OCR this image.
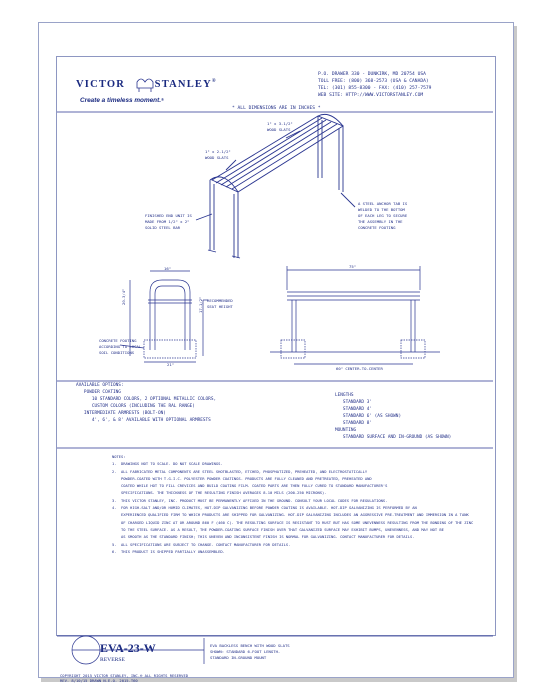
VICTOR	STANLEY®
Create a timeless moment.®
P.O. DRAWER 330 - DUNKIRK, MD 20754 USA
TOLL FREE: (800) 368-2573 (USA & CANADA)
TEL: (301) 855-8300 - FAX: (410) 257-7579
WEB SITE: HTTP://WWW.VICTORSTANLEY.COM
* ALL DIMENSIONS ARE IN INCHES *
1" x 3-1/2"
WOOD SLATS
1" x 2-1/2"
WOOD SLATS
FINISHED END UNIT IS
MADE FROM 1/2" x 2"
SOLID STEEL BAR
A STEEL ANCHOR TAB IS
WELDED TO THE BOTTOM
OF EACH LEG TO SECURE
THE ASSEMBLY IN THE
CONCRETE FOOTING
16"
20-3/4"	17-1/2" RECOMMENDED
SEAT HEIGHT
21"
75"
60" CENTER-TO-CENTER
CONCRETE FOOTING
ACCORDING TO LOCAL
SOIL CONDITIONS
AVAILABLE OPTIONS:
POWDER COATING
10 STANDARD COLORS, 2 OPTIONAL METALLIC COLORS,
CUSTOM COLORS (INCLUDING THE RAL RANGE)
INTERMEDIATE ARMRESTS (BOLT-ON)
4', 6', & 8' AVAILABLE WITH OPTIONAL ARMRESTS
LENGTHS
STANDARD 3'
STANDARD 4'
STANDARD 6' (AS SHOWN)
STANDARD 8'
MOUNTING
STANDARD SURFACE AND IN-GROUND (AS SHOWN)
NOTES:
1.  DRAWINGS NOT TO SCALE. DO NOT SCALE DRAWINGS.
2.  ALL FABRICATED METAL COMPONENTS ARE STEEL SHOTBLASTED, ETCHED, PHOSPHATIZED, PREHEATED, AND ELECTROSTATICALLY
POWDER-COATED WITH T.G.I.C. POLYESTER POWDER COATINGS. PRODUCTS ARE FULLY CLEANED AND PRETREATED, PREHEATED AND
COATED WHILE HOT TO FILL CREVICES AND BUILD COATING FILM. COATED PARTS ARE THEN FULLY CURED TO STANDARD MANUFACTURER'S
SPECIFICATIONS. THE THICKNESS OF THE RESULTING FINISH AVERAGES 8-10 MILS (200-250 MICRONS).
3.  THIS VICTOR STANLEY, INC. PRODUCT MUST BE PERMANENTLY AFFIXED IN THE GROUND. CONSULT YOUR LOCAL CODES FOR REGULATIONS.
4.  FOR HIGH-SALT AND/OR HUMID CLIMATES, HOT-DIP GALVANIZING BEFORE POWDER COATING IS AVAILABLE. HOT-DIP GALVANIZING IS PERFORMED BY AN
EXPERIENCED QUALIFIED FIRM TO WHICH PRODUCTS ARE SHIPPED FOR GALVANIZING. HOT-DIP GALVANIZING INCLUDES AN AGGRESSIVE PRE-TREATMENT AND IMMERSION IN A TANK
OF CHARGED LIQUID ZINC AT OR AROUND 860 F (460 C). THE RESULTING SURFACE IS RESISTANT TO RUST BUT HAS SOME UNEVENNESS RESULTING FROM THE BONDING OF THE ZINC
TO THE STEEL SURFACE. AS A RESULT, THE POWDER-COATING SURFACE FINISH OVER THAT GALVANIZED SURFACE MAY EXHIBIT BUMPS, UNEVENNESS, AND MAY NOT BE
AS SMOOTH AS THE STANDARD FINISH; THIS UNEVEN AND INCONSISTENT FINISH IS NORMAL FOR GALVANIZING. CONTACT MANUFACTURER FOR DETAILS.
5.  ALL SPECIFICATIONS ARE SUBJECT TO CHANGE. CONTACT MANUFACTURER FOR DETAILS.
6.  THIS PRODUCT IS SHIPPED PARTIALLY UNASSEMBLED.
EVA-23-W
REVERSE
EVA BACKLESS BENCH WITH WOOD SLATS
SHOWN: STANDARD 6-FOOT LENGTH-
STANDARD IN-GROUND MOUNT
COPYRIGHT 2015 VICTOR STANLEY, INC.® ALL RIGHTS RESERVED
REV. 8/10/15 DRAWN N.E.O. 2015-T60
